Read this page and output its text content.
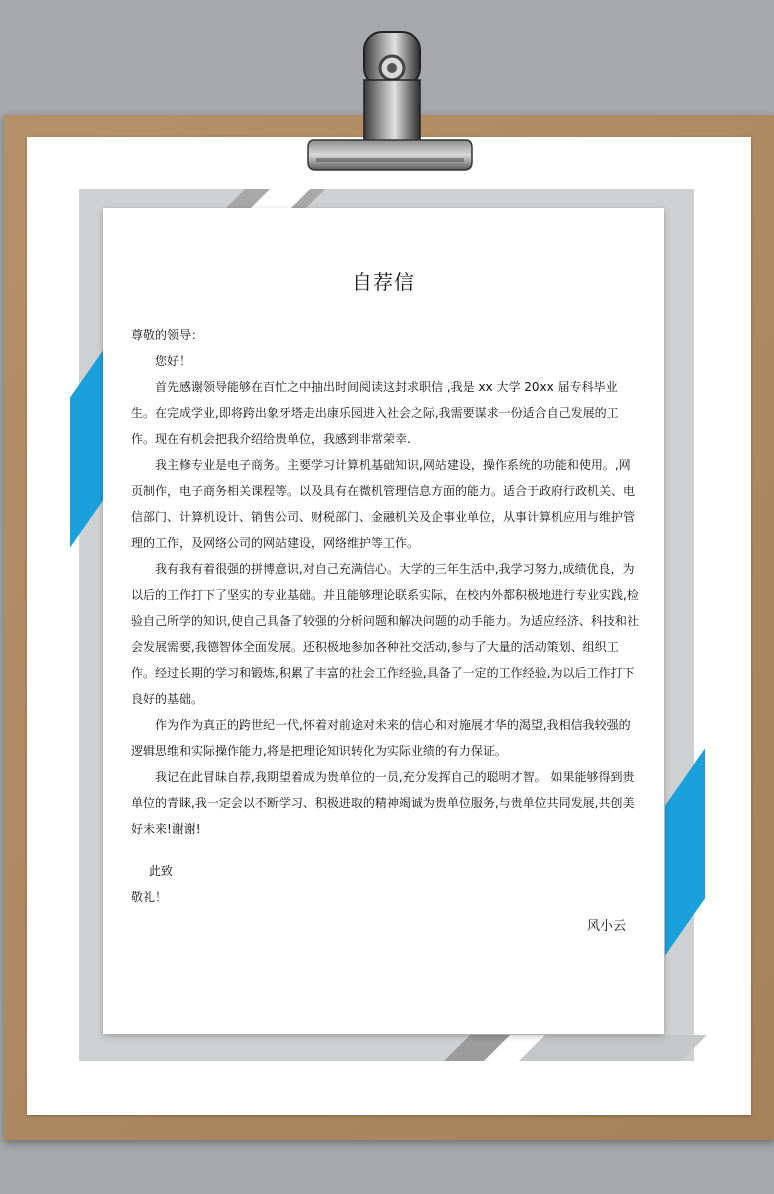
自荐信

尊敬的领导：

您好！

首先感谢领导能够在百忙之中抽出时间阅读这封求职信 ,我是 xx 大学 20xx 届专科毕业生。在完成学业,即将跨出象牙塔走出康乐园进入社会之际,我需要谋求一份适合自己发展的工作。现在有机会把我介绍给贵单位，我感到非常荣幸.

我主修专业是电子商务。主要学习计算机基础知识,网站建设，操作系统的功能和使用。,网页制作，电子商务相关课程等。以及具有在微机管理信息方面的能力。适合于政府行政机关、电信部门、计算机设计、销售公司、财税部门、金融机关及企事业单位，从事计算机应用与维护管理的工作，及网络公司的网站建设，网络维护等工作。

我有我有着很强的拼博意识,对自己充满信心。大学的三年生活中,我学习努力,成绩优良，为以后的工作打下了坚实的专业基础。并且能够理论联系实际，在校内外都积极地进行专业实践,检验自己所学的知识,使自己具备了较强的分析问题和解决问题的动手能力。为适应经济、科技和社会发展需要,我德智体全面发展。还积极地参加各种社交活动,参与了大量的活动策划、组织工作。经过长期的学习和锻炼,积累了丰富的社会工作经验,具备了一定的工作经验,为以后工作打下良好的基础。

作为作为真正的跨世纪一代,怀着对前途对未来的信心和对施展才华的渴望,我相信我较强的逻辑思维和实际操作能力,将是把理论知识转化为实际业绩的有力保证。

我记在此冒昧自荐,我期望着成为贵单位的一员,充分发挥自己的聪明才智。 如果能够得到贵单位的青睐,我一定会以不断学习、积极进取的精神竭诚为贵单位服务,与贵单位共同发展,共创美好未来!谢谢!

此致

敬礼！

风小云
